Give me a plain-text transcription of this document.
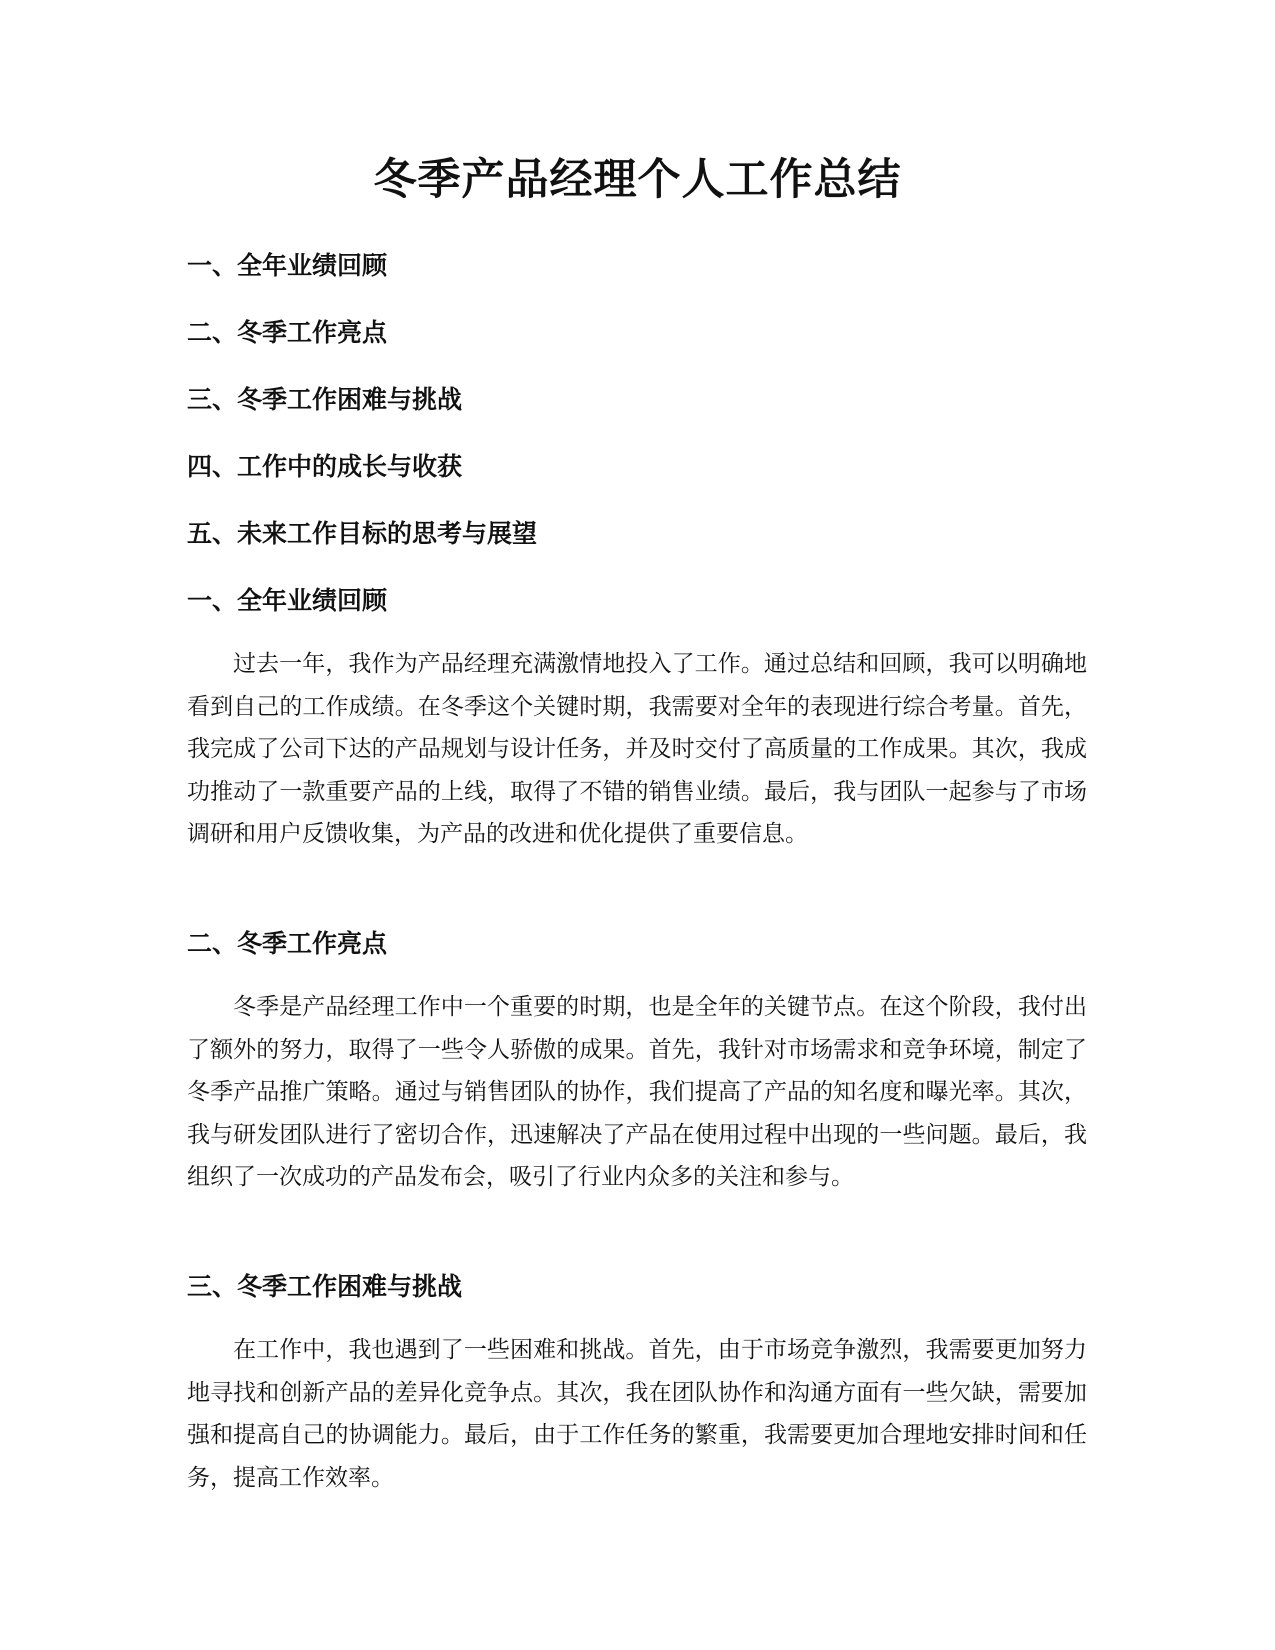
冬季产品经理个人工作总结
一、全年业绩回顾
二、冬季工作亮点
三、冬季工作困难与挑战
四、工作中的成长与收获
五、未来工作目标的思考与展望
一、全年业绩回顾

过去一年，我作为产品经理充满激情地投入了工作。通过总结和回顾，我可以明确地看到自己的工作成绩。在冬季这个关键时期，我需要对全年的表现进行综合考量。首先，我完成了公司下达的产品规划与设计任务，并及时交付了高质量的工作成果。其次，我成功推动了一款重要产品的上线，取得了不错的销售业绩。最后，我与团队一起参与了市场调研和用户反馈收集，为产品的改进和优化提供了重要信息。

二、冬季工作亮点

冬季是产品经理工作中一个重要的时期，也是全年的关键节点。在这个阶段，我付出了额外的努力，取得了一些令人骄傲的成果。首先，我针对市场需求和竞争环境，制定了冬季产品推广策略。通过与销售团队的协作，我们提高了产品的知名度和曝光率。其次，我与研发团队进行了密切合作，迅速解决了产品在使用过程中出现的一些问题。最后，我组织了一次成功的产品发布会，吸引了行业内众多的关注和参与。

三、冬季工作困难与挑战

在工作中，我也遇到了一些困难和挑战。首先，由于市场竞争激烈，我需要更加努力地寻找和创新产品的差异化竞争点。其次，我在团队协作和沟通方面有一些欠缺，需要加强和提高自己的协调能力。最后，由于工作任务的繁重，我需要更加合理地安排时间和任务，提高工作效率。
